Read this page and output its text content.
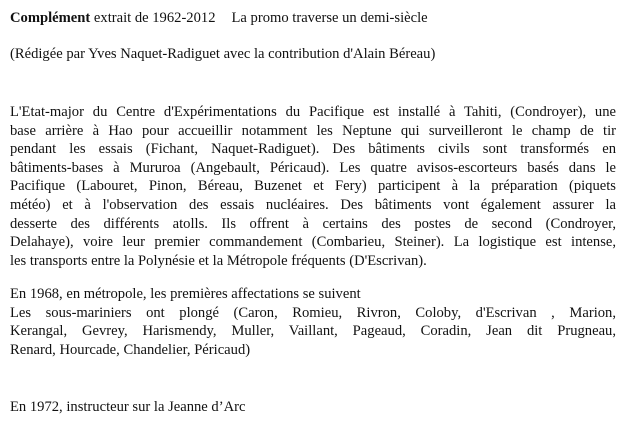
Complément extrait de 1962-2012 La promo traverse un demi-siècle
(Rédigée par Yves Naquet-Radiguet avec la contribution d'Alain Béreau)
L'Etat-major du Centre d'Expérimentations du Pacifique est installé à Tahiti, (Condroyer), une
base arrière à Hao pour accueillir notamment les Neptune qui surveilleront le champ de tir
pendant les essais (Fichant, Naquet-Radiguet). Des bâtiments civils sont transformés en
bâtiments-bases à Mururoa (Angebault, Péricaud). Les quatre avisos-escorteurs basés dans le
Pacifique (Labouret, Pinon, Béreau, Buzenet et Fery) participent à la préparation (piquets
météo) et à l'observation des essais nucléaires. Des bâtiments vont également assurer la
desserte des différents atolls. Ils offrent à certains des postes de second (Condroyer,
Delahaye), voire leur premier commandement (Combarieu, Steiner). La logistique est intense,
les transports entre la Polynésie et la Métropole fréquents (D'Escrivan).
En 1968, en métropole, les premières affectations se suivent
Les sous-mariniers ont plongé (Caron, Romieu, Rivron, Coloby, d'Escrivan , Marion,
Kerangal, Gevrey, Harismendy, Muller, Vaillant, Pageaud, Coradin, Jean dit Prugneau,
Renard, Hourcade, Chandelier, Péricaud)
En 1972, instructeur sur la Jeanne d’Arc
